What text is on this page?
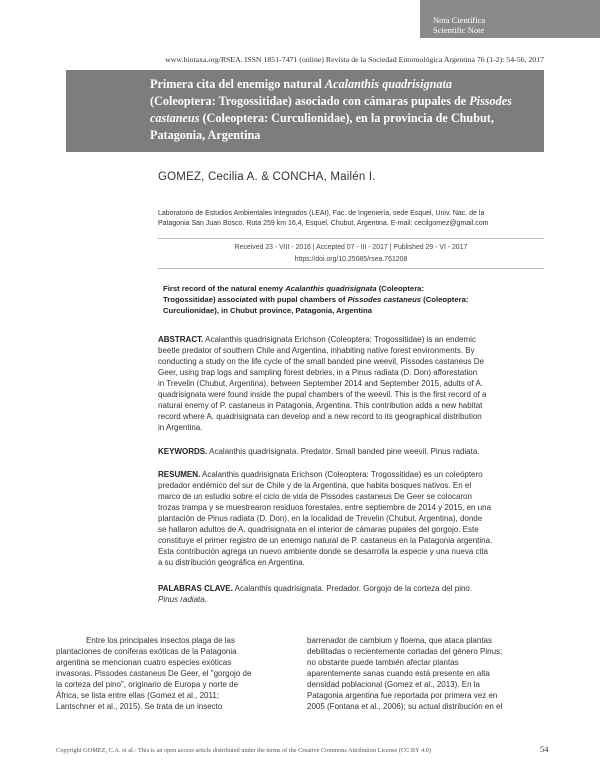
Nota Científica
Scientific Note
www.biotaxa.org/RSEA. ISSN 1851-7471 (online) Revista de la Sociedad Entomológica Argentina 76 (1-2): 54-56, 2017
Primera cita del enemigo natural Acalanthis quadrisignata
(Coleoptera: Trogossitidae) asociado con cámaras pupales de Pissodes
castaneus (Coleoptera: Curculionidae), en la provincia de Chubut,
Patagonia, Argentina
GOMEZ, Cecilia A. & CONCHA, Mailén I.
Laboratorio de Estudios Ambientales Integrados (LEAI), Fac. de Ingeniería, sede Esquel, Univ. Nac. de la
Patagonia San Juan Bosco. Ruta 259 km 16,4, Esquel, Chubut, Argentina. E-mail: cecilgomez@gmail.com
Received 23 - VIII - 2016 | Accepted 07 - III - 2017 | Published 29 - VI - 2017
https://doi.org/10.25085/rsea.761208
First record of the natural enemy Acalanthis quadrisignata (Coleoptera:
Trogossitidae) associated with pupal chambers of Pissodes castaneus (Coleoptera:
Curculionidae), in Chubut province, Patagonia, Argentina
ABSTRACT. Acalanthis quadrisignata Erichson (Coleoptera: Trogossitidae) is an endemic
beetle predator of southern Chile and Argentina, inhabiting native forest environments. By
conducting a study on the life cycle of the small banded pine weevil, Pissodes castaneus De
Geer, using trap logs and sampling forest debries, in a Pinus radiata (D. Don) afforestation
in Trevelin (Chubut, Argentina), between September 2014 and September 2015, adults of A.
quadrisignata were found inside the pupal chambers of the weevil. This is the first record of a
natural enemy of P. castaneus in Patagonia, Argentina. This contribution adds a new habitat
record where A. quadrisignata can develop and a new record to its geographical distribution
in Argentina.
KEYWORDS. Acalanthis quadrisignata. Predator. Small banded pine weevil. Pinus radiata.
RESUMEN. Acalanthis quadrisignata Erichson (Coleoptera: Trogossitidae) es un coleóptero
predador endémico del sur de Chile y de la Argentina, que habita bosques nativos. En el
marco de un estudio sobre el ciclo de vida de Pissodes castaneus De Geer se colocaron
trozas trampa y se muestrearon residuos forestales, entre septiembre de 2014 y 2015, en una
plantación de Pinus radiata (D. Don), en la localidad de Trevelin (Chubut, Argentina), donde
se hallaron adultos de A. quadrisignata en el interior de cámaras pupales del gorgojo. Este
constituye el primer registro de un enemigo natural de P. castaneus en la Patagonia argentina.
Esta contribución agrega un nuevo ambiente donde se desarrolla la especie y una nueva cita
a su distribución geográfica en Argentina.
PALABRAS CLAVE. Acalanthis quadrisignata. Predador. Gorgojo de la corteza del pino.
Pinus radiata.
Entre los principales insectos plaga de las
plantaciones de coníferas exóticas de la Patagonia
argentina se mencionan cuatro especies exóticas
invasoras. Pissodes castaneus De Geer, el "gorgojo de
la corteza del pino", originario de Europa y norte de
África, se lista entre ellas (Gomez et al., 2011;
Lantschner et al., 2015). Se trata de un insecto
barrenador de cambium y floema, que ataca plantas
debilitadas o recientemente cortadas del género Pinus;
no obstante puede también afectar plantas
aparentemente sanas cuando está presente en alta
densidad poblacional (Gomez et al., 2013). En la
Patagonia argentina fue reportada por primera vez en
2005 (Fontana et al., 2006); su actual distribución en el
Copyright GOMEZ, C.A. et al.- This is an open access article distributed under the terms of the Creative Commons Attribution License (CC BY 4.0)	54
